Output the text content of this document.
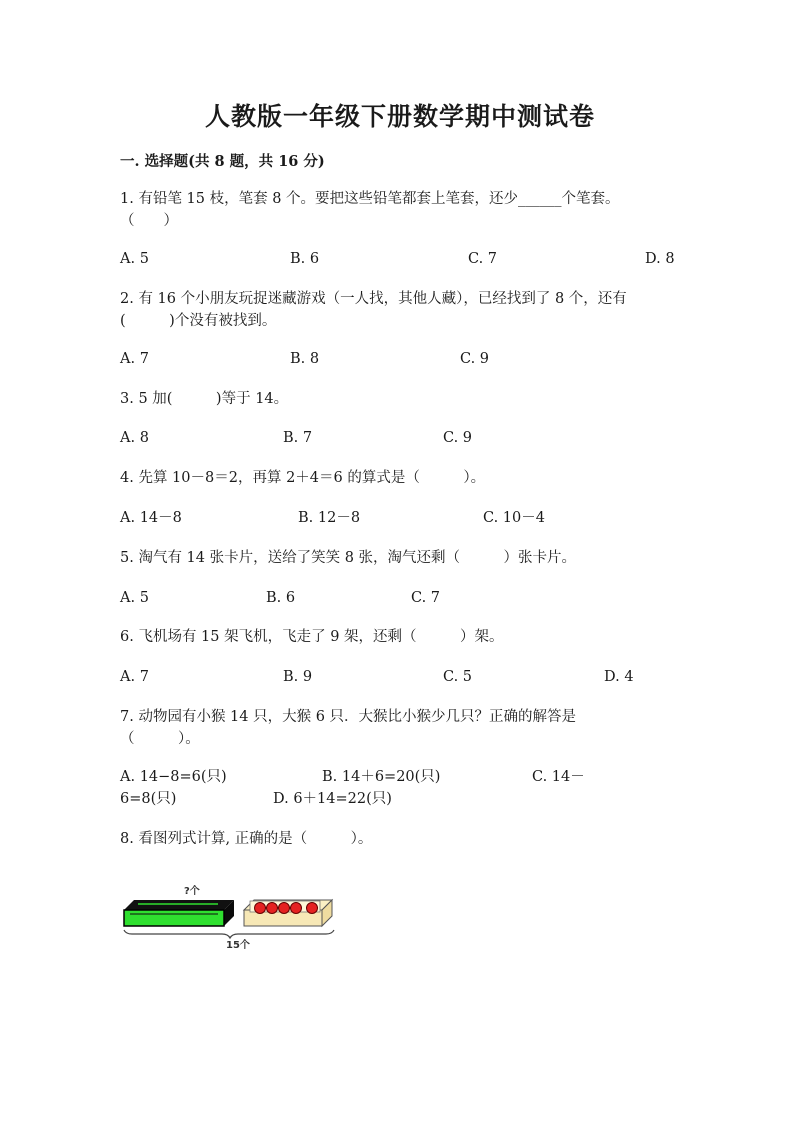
人教版一年级下册数学期中测试卷
一. 选择题(共 8 题，共 16 分)
1. 有铅笔 15 枝，笔套 8 个。要把这些铅笔都套上笔套，还少______个笔套。
（　　）
A. 5	B. 6	C. 7	D. 8
2. 有 16 个小朋友玩捉迷藏游戏（一人找，其他人藏），已经找到了 8 个，还有
(　　　)个没有被找到。
A. 7	B. 8	C. 9
3. 5 加(　　　)等于 14。
A. 8	B. 7	C. 9
4. 先算 10－8＝2，再算 2＋4＝6 的算式是（　　　）。
A. 14－8	B. 12－8	C. 10－4
5. 淘气有 14 张卡片，送给了笑笑 8 张，淘气还剩（　　　）张卡片。
A. 5	B. 6	C. 7
6. 飞机场有 15 架飞机，飞走了 9 架，还剩（　　　）架。
A. 7	B. 9	C. 5	D. 4
7. 动物园有小猴 14 只，大猴 6 只．大猴比小猴少几只？正确的解答是
（　　　）。
A. 14−8=6(只)	B. 14＋6=20(只)	C. 14－
6=8(只)	D. 6＋14=22(只)
8. 看图列式计算, 正确的是（　　　）。
?个
15个
